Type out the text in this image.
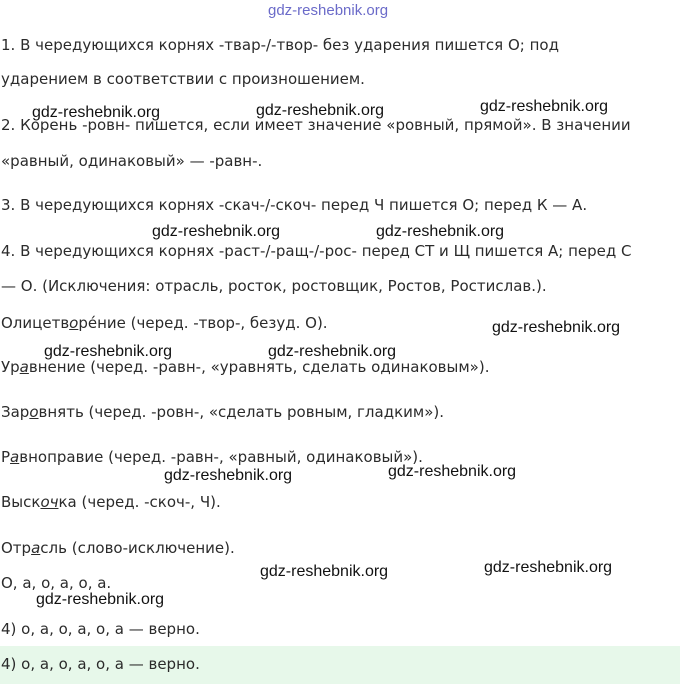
gdz-reshebnik.org
1. В чередующихся корнях -твар-/-твор- без ударения пишется О; под
ударением в соответствии с произношением.
2. Корень -ровн- пишется, если имеет значение «ровный, прямой». В значении
«равный, одинаковый» — -равн-.
3. В чередующихся корнях -скач-/-скоч- перед Ч пишется О; перед К — А.
4. В чередующихся корнях -раст-/-ращ-/-рос- перед СТ и Щ пишется А; перед С
— О. (Исключения: отрасль, росток, ростовщик, Ростов, Ростислав.).
Олицетворе́ние (черед. -твор-, безуд. О).
Уравнение (черед. -равн-, «уравнять, сделать одинаковым»).
Заровнять (черед. -ровн-, «сделать ровным, гладким»).
Равноправие (черед. -равн-, «равный, одинаковый»).
Выскочка (черед. -скоч-, Ч).
Отрасль (слово-исключение).
О, а, о, а, о, а.
4) о, а, о, а, о, а — верно.
4) о, а, о, а, о, а — верно.
gdz-reshebnik.org	gdz-reshebnik.org	gdz-reshebnik.org
gdz-reshebnik.org	gdz-reshebnik.org
gdz-reshebnik.org
gdz-reshebnik.org	gdz-reshebnik.org
gdz-reshebnik.org	gdz-reshebnik.org
gdz-reshebnik.org	gdz-reshebnik.org
gdz-reshebnik.org
